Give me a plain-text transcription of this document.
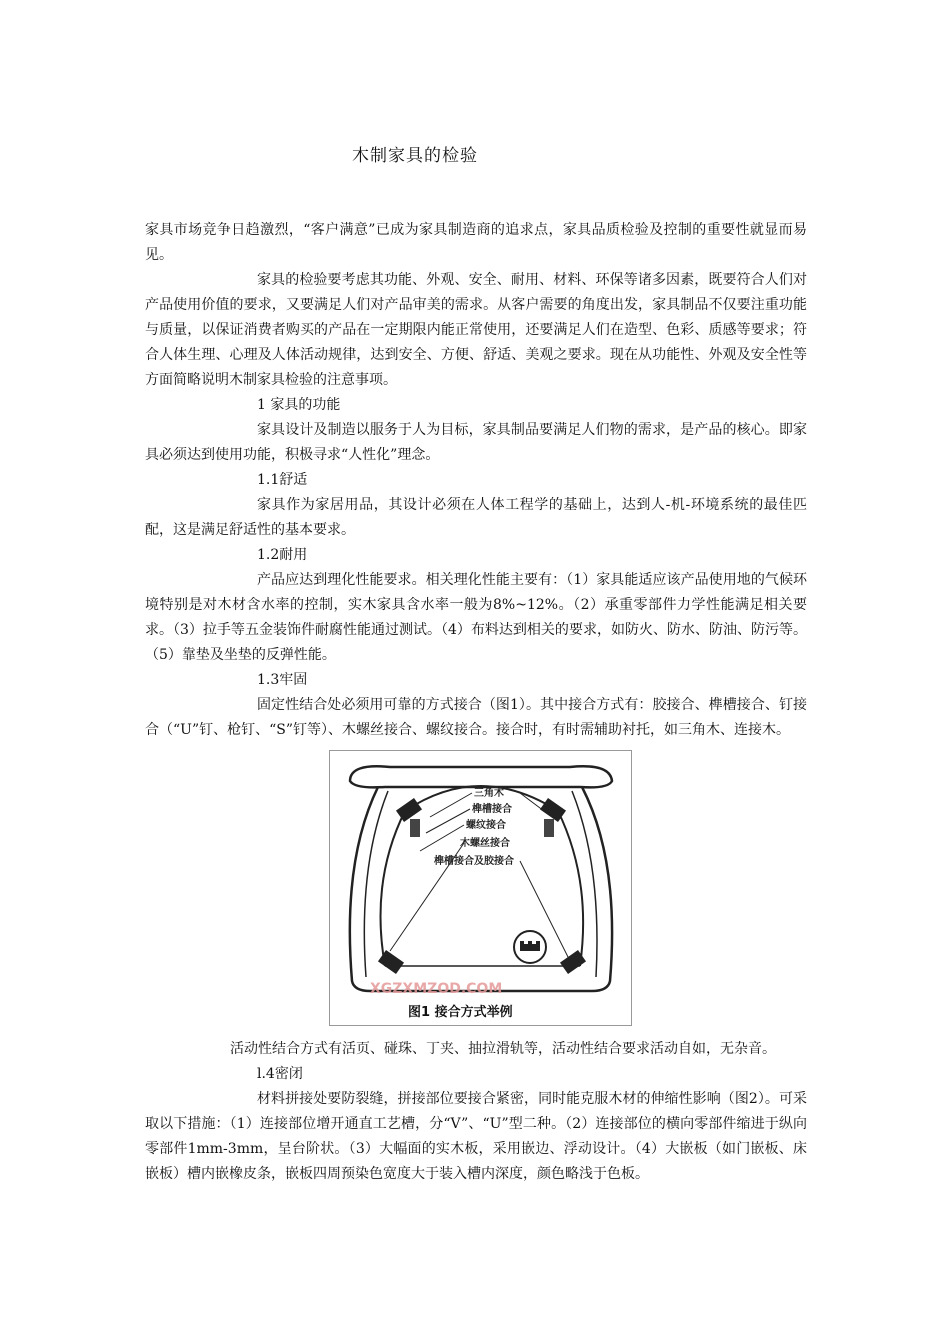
木制家具的检验

家具市场竞争日趋激烈，“客户满意”已成为家具制造商的追求点，家具品质检验及控制的重要性就显而易见。

家具的检验要考虑其功能、外观、安全、耐用、材料、环保等诸多因素，既要符合人们对产品使用价值的要求，又要满足人们对产品审美的需求。从客户需要的角度出发，家具制品不仅要注重功能与质量，以保证消费者购买的产品在一定期限内能正常使用，还要满足人们在造型、色彩、质感等要求；符合人体生理、心理及人体活动规律，达到安全、方便、舒适、美观之要求。现在从功能性、外观及安全性等方面简略说明木制家具检验的注意事项。

1 家具的功能

家具设计及制造以服务于人为目标，家具制品要满足人们物的需求，是产品的核心。即家具必须达到使用功能，积极寻求“人性化”理念。

1.1舒适

家具作为家居用品，其设计必须在人体工程学的基础上，达到人-机-环境系统的最佳匹配，这是满足舒适性的基本要求。

1.2耐用

产品应达到理化性能要求。相关理化性能主要有：（1）家具能适应该产品使用地的气候环境特别是对木材含水率的控制，实木家具含水率一般为8%~12%。（2）承重零部件力学性能满足相关要求。（3）拉手等五金装饰件耐腐性能通过测试。（4）布料达到相关的要求，如防火、防水、防油、防污等。（5）靠垫及坐垫的反弹性能。

1.3牢固

固定性结合处必须用可靠的方式接合（图1）。其中接合方式有：胶接合、榫槽接合、钉接合（“U”钉、枪钉、“S”钉等）、木螺丝接合、螺纹接合。接合时，有时需辅助衬托，如三角木、连接木。

三角木
榫槽接合
螺纹接合
木螺丝接合
榫槽接合及胶接合
XGZXMZOD.COM
图1 接合方式举例

活动性结合方式有活页、碰珠、丁夹、抽拉滑轨等，活动性结合要求活动自如，无杂音。

l.4密闭

材料拼接处要防裂缝，拼接部位要接合紧密，同时能克服木材的伸缩性影响（图2）。可采取以下措施：（1）连接部位增开通直工艺槽，分“V”、“U”型二种。（2）连接部位的横向零部件缩进于纵向零部件1mm-3mm，呈台阶状。（3）大幅面的实木板，采用嵌边、浮动设计。（4）大嵌板（如门嵌板、床嵌板）槽内嵌橡皮条，嵌板四周预染色宽度大于装入槽内深度，颜色略浅于色板。
